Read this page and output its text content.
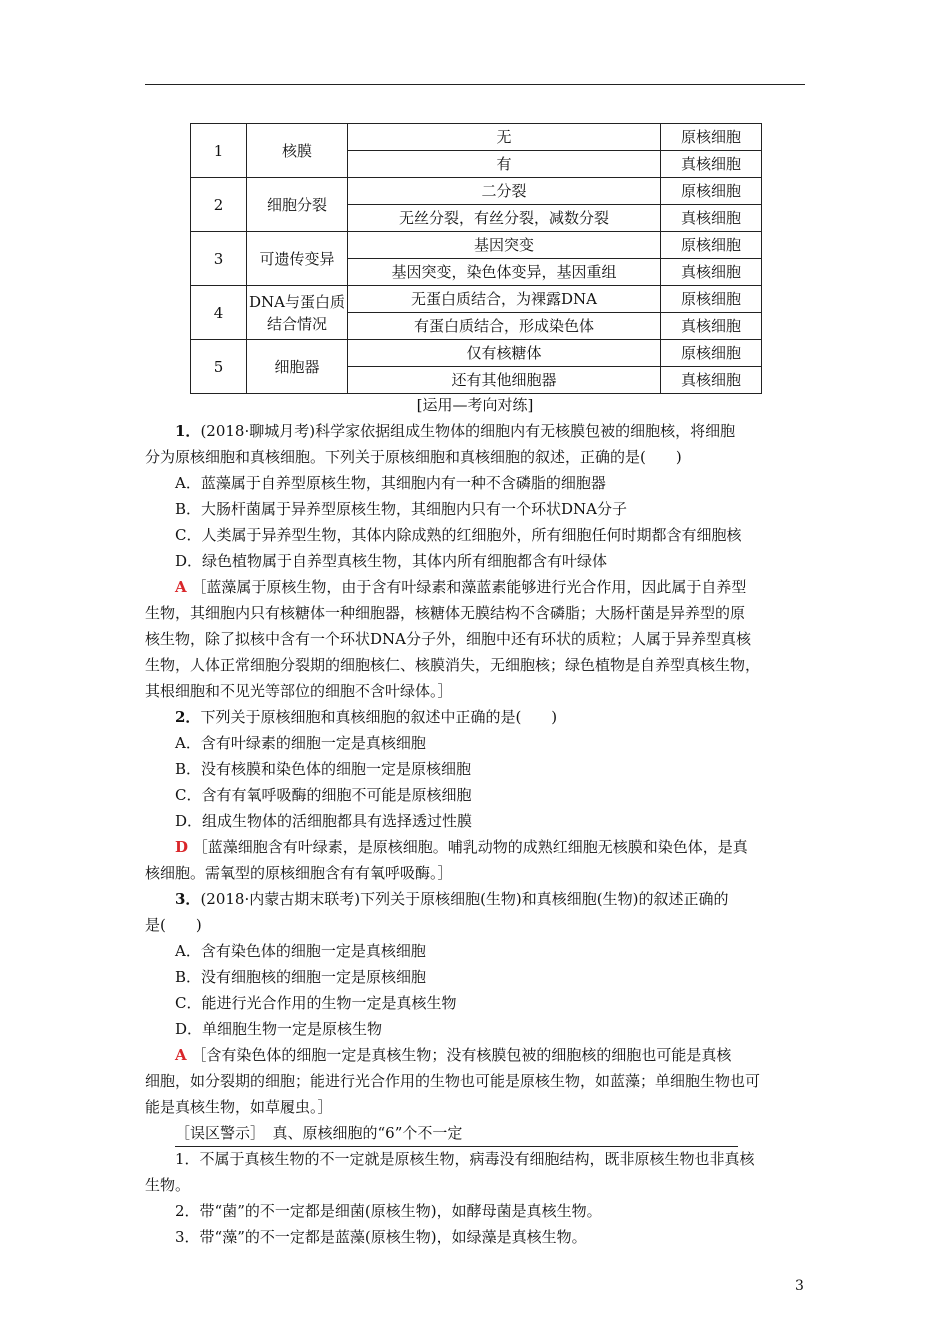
1	核膜	无	原核细胞
		有	真核细胞
2	细胞分裂	二分裂	原核细胞
		无丝分裂，有丝分裂，减数分裂	真核细胞
3	可遗传变异	基因突变	原核细胞
		基因突变，染色体变异，基因重组	真核细胞
4	DNA与蛋白质结合情况	无蛋白质结合，为裸露DNA	原核细胞
		有蛋白质结合，形成染色体	真核细胞
5	细胞器	仅有核糖体	原核细胞
		还有其他细胞器	真核细胞
[运用—考向对练]
1．(2018·聊城月考)科学家依据组成生物体的细胞内有无核膜包被的细胞核，将细胞
分为原核细胞和真核细胞。下列关于原核细胞和真核细胞的叙述，正确的是(　　)
A．蓝藻属于自养型原核生物，其细胞内有一种不含磷脂的细胞器
B．大肠杆菌属于异养型原核生物，其细胞内只有一个环状DNA分子
C．人类属于异养型生物，其体内除成熟的红细胞外，所有细胞任何时期都含有细胞核
D．绿色植物属于自养型真核生物，其体内所有细胞都含有叶绿体
A ［蓝藻属于原核生物，由于含有叶绿素和藻蓝素能够进行光合作用，因此属于自养型
生物，其细胞内只有核糖体一种细胞器，核糖体无膜结构不含磷脂；大肠杆菌是异养型的原
核生物，除了拟核中含有一个环状DNA分子外，细胞中还有环状的质粒；人属于异养型真核
生物，人体正常细胞分裂期的细胞核仁、核膜消失，无细胞核；绿色植物是自养型真核生物，
其根细胞和不见光等部位的细胞不含叶绿体。］
2．下列关于原核细胞和真核细胞的叙述中正确的是(　　)
A．含有叶绿素的细胞一定是真核细胞
B．没有核膜和染色体的细胞一定是原核细胞
C．含有有氧呼吸酶的细胞不可能是原核细胞
D．组成生物体的活细胞都具有选择透过性膜
D ［蓝藻细胞含有叶绿素，是原核细胞。哺乳动物的成熟红细胞无核膜和染色体，是真
核细胞。需氧型的原核细胞含有有氧呼吸酶。］
3．(2018·内蒙古期末联考)下列关于原核细胞(生物)和真核细胞(生物)的叙述正确的
是(　　)
A．含有染色体的细胞一定是真核细胞
B．没有细胞核的细胞一定是原核细胞
C．能进行光合作用的生物一定是真核生物
D．单细胞生物一定是原核生物
A ［含有染色体的细胞一定是真核生物；没有核膜包被的细胞核的细胞也可能是真核
细胞，如分裂期的细胞；能进行光合作用的生物也可能是原核生物，如蓝藻；单细胞生物也可
能是真核生物，如草履虫。］
［误区警示］　真、原核细胞的“6”个不一定
1．不属于真核生物的不一定就是原核生物，病毒没有细胞结构，既非原核生物也非真核
生物。
2．带“菌”的不一定都是细菌(原核生物)，如酵母菌是真核生物。
3．带“藻”的不一定都是蓝藻(原核生物)，如绿藻是真核生物。
3
